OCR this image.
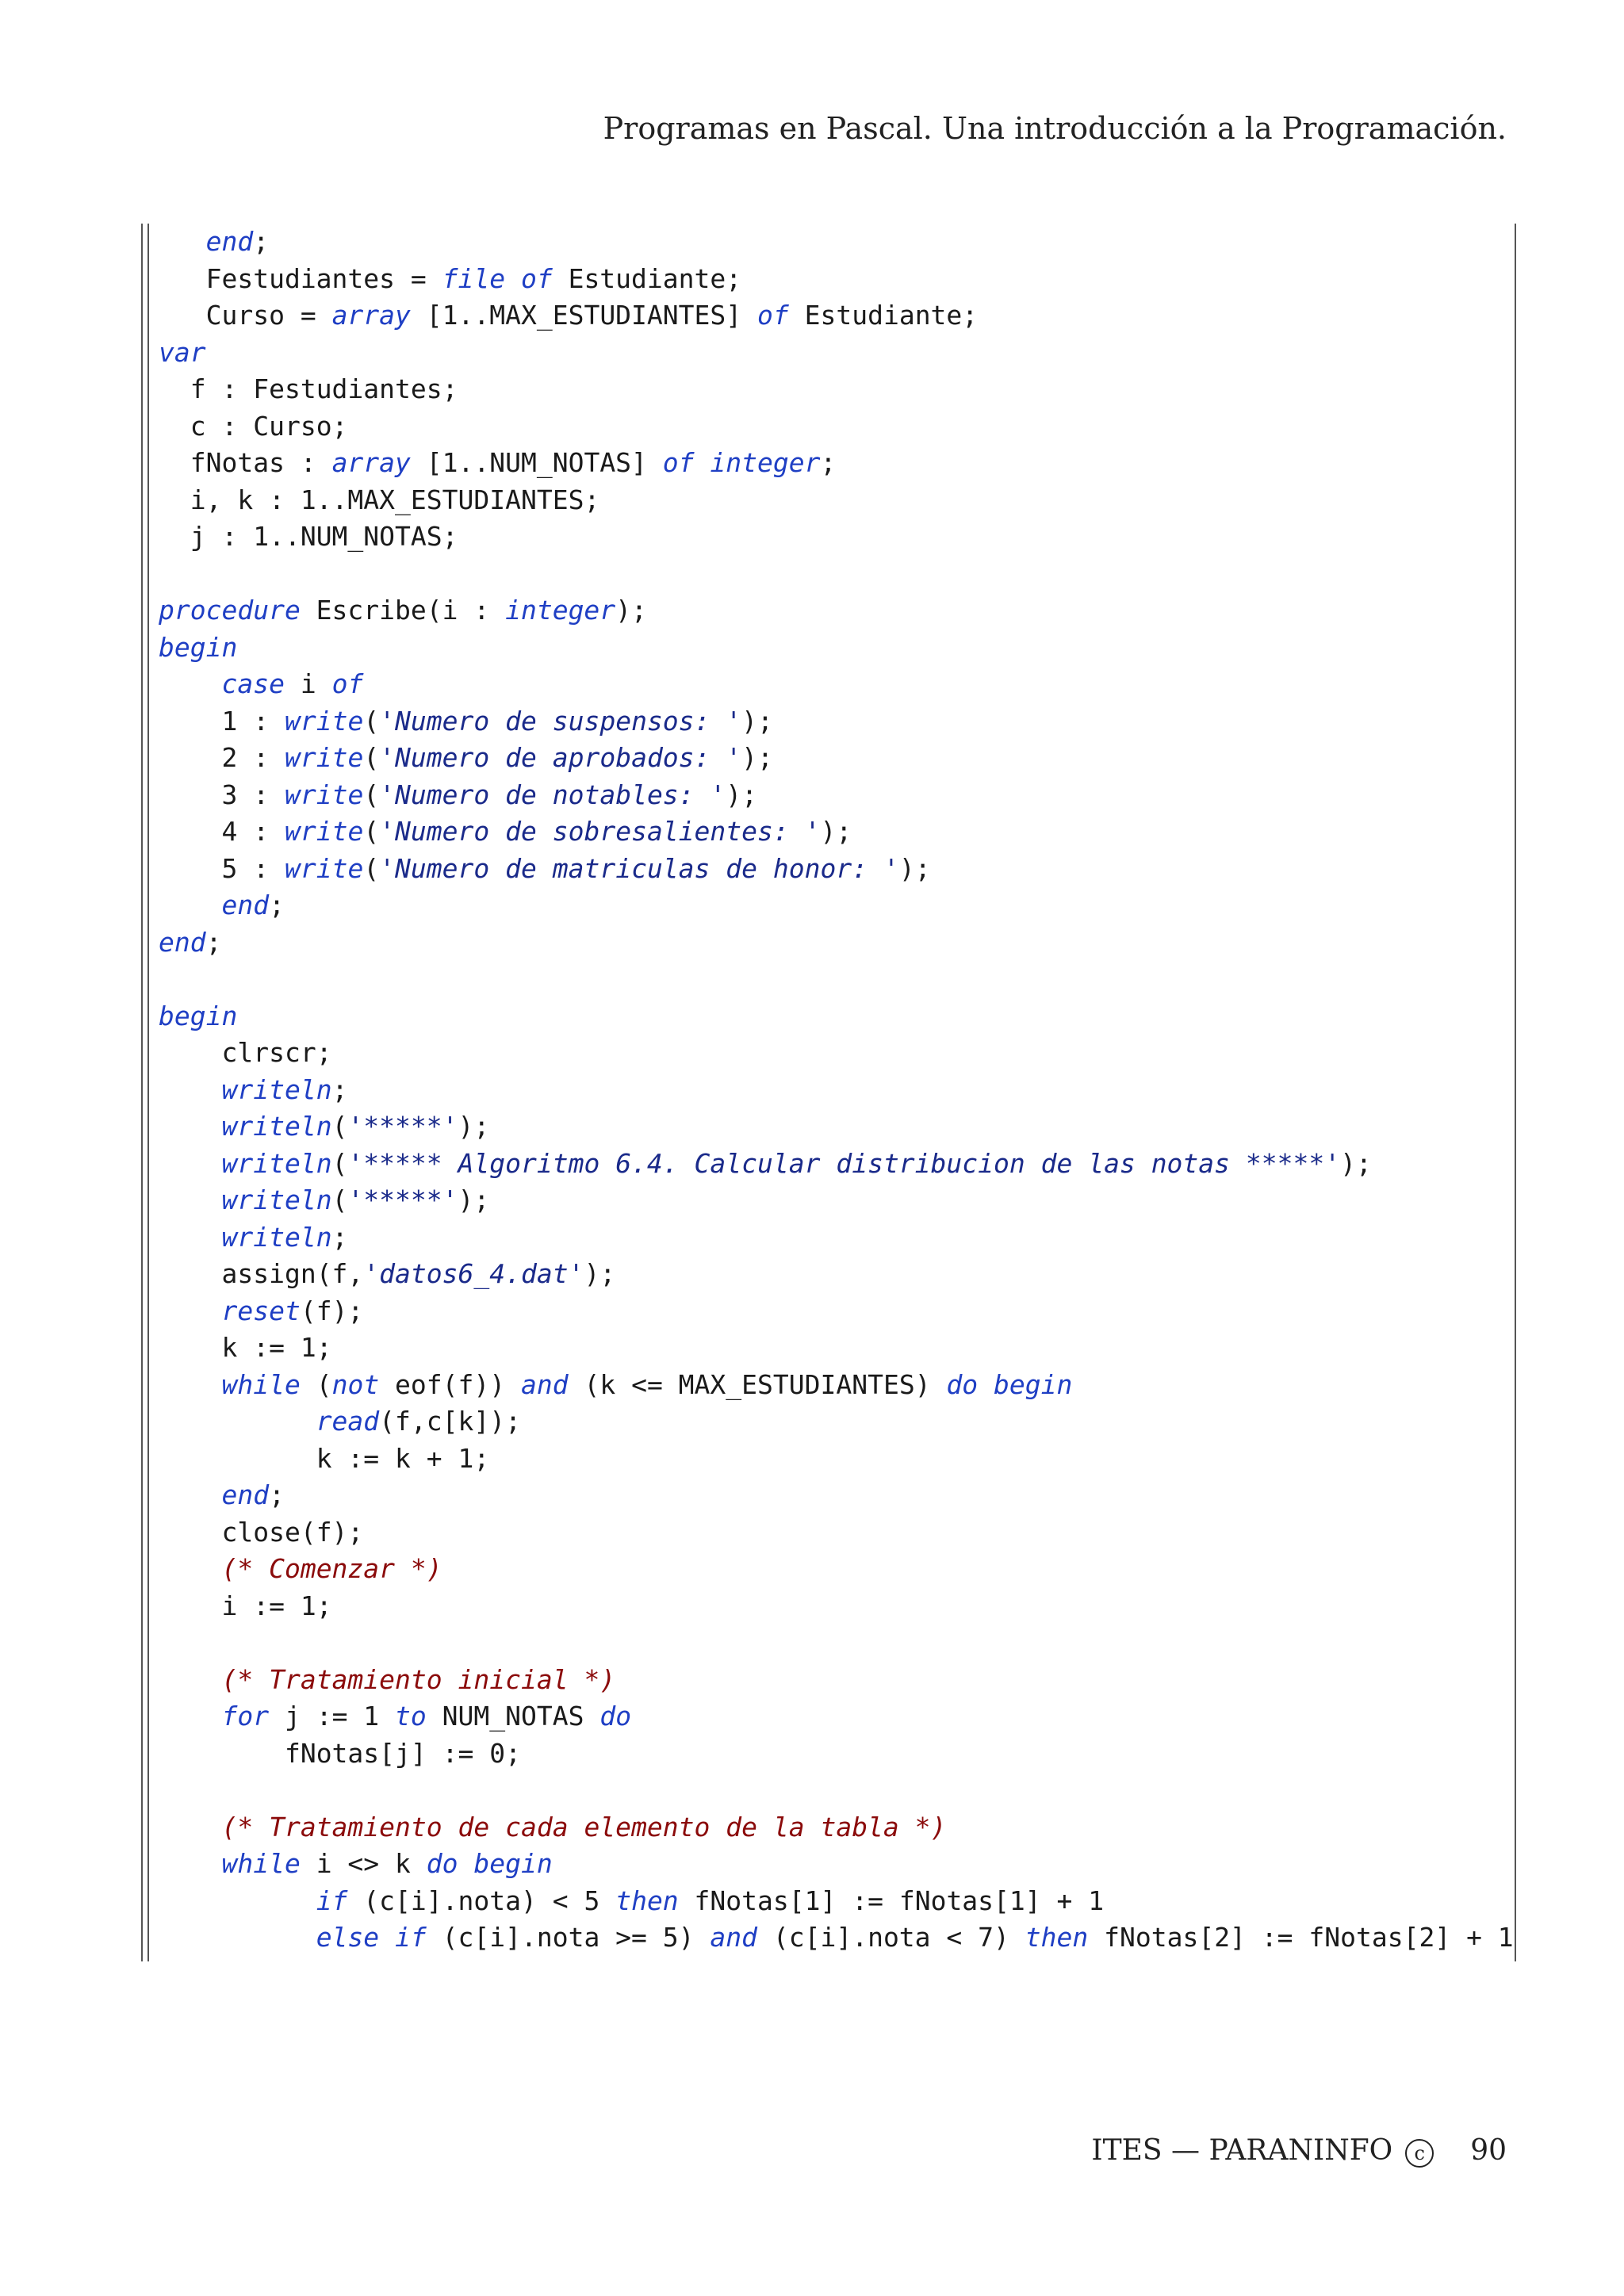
Programas en Pascal. Una introducción a la Programación.
end;
Festudiantes = file of Estudiante;
Curso = array [1..MAX_ESTUDIANTES] of Estudiante;
var
f : Festudiantes;
c : Curso;
fNotas : array [1..NUM_NOTAS] of integer;
i, k : 1..MAX_ESTUDIANTES;
j : 1..NUM_NOTAS;
procedure Escribe(i : integer);
begin
case i of
1 : write('Numero de suspensos: ');
2 : write('Numero de aprobados: ');
3 : write('Numero de notables: ');
4 : write('Numero de sobresalientes: ');
5 : write('Numero de matriculas de honor: ');
end;
end;
begin
clrscr;
writeln;
writeln('*****');
writeln('***** Algoritmo 6.4. Calcular distribucion de las notas *****');
writeln('*****');
writeln;
assign(f,'datos6_4.dat');
reset(f);
k := 1;
while (not eof(f)) and (k <= MAX_ESTUDIANTES) do begin
read(f,c[k]);
k := k + 1;
end;
close(f);
(* Comenzar *)
i := 1;
(* Tratamiento inicial *)
for j := 1 to NUM_NOTAS do
fNotas[j] := 0;
(* Tratamiento de cada elemento de la tabla *)
while i <> k do begin
if (c[i].nota) < 5 then fNotas[1] := fNotas[1] + 1
else if (c[i].nota >= 5) and (c[i].nota < 7) then fNotas[2] := fNotas[2] + 1
ITES — PARANINFO c 90
